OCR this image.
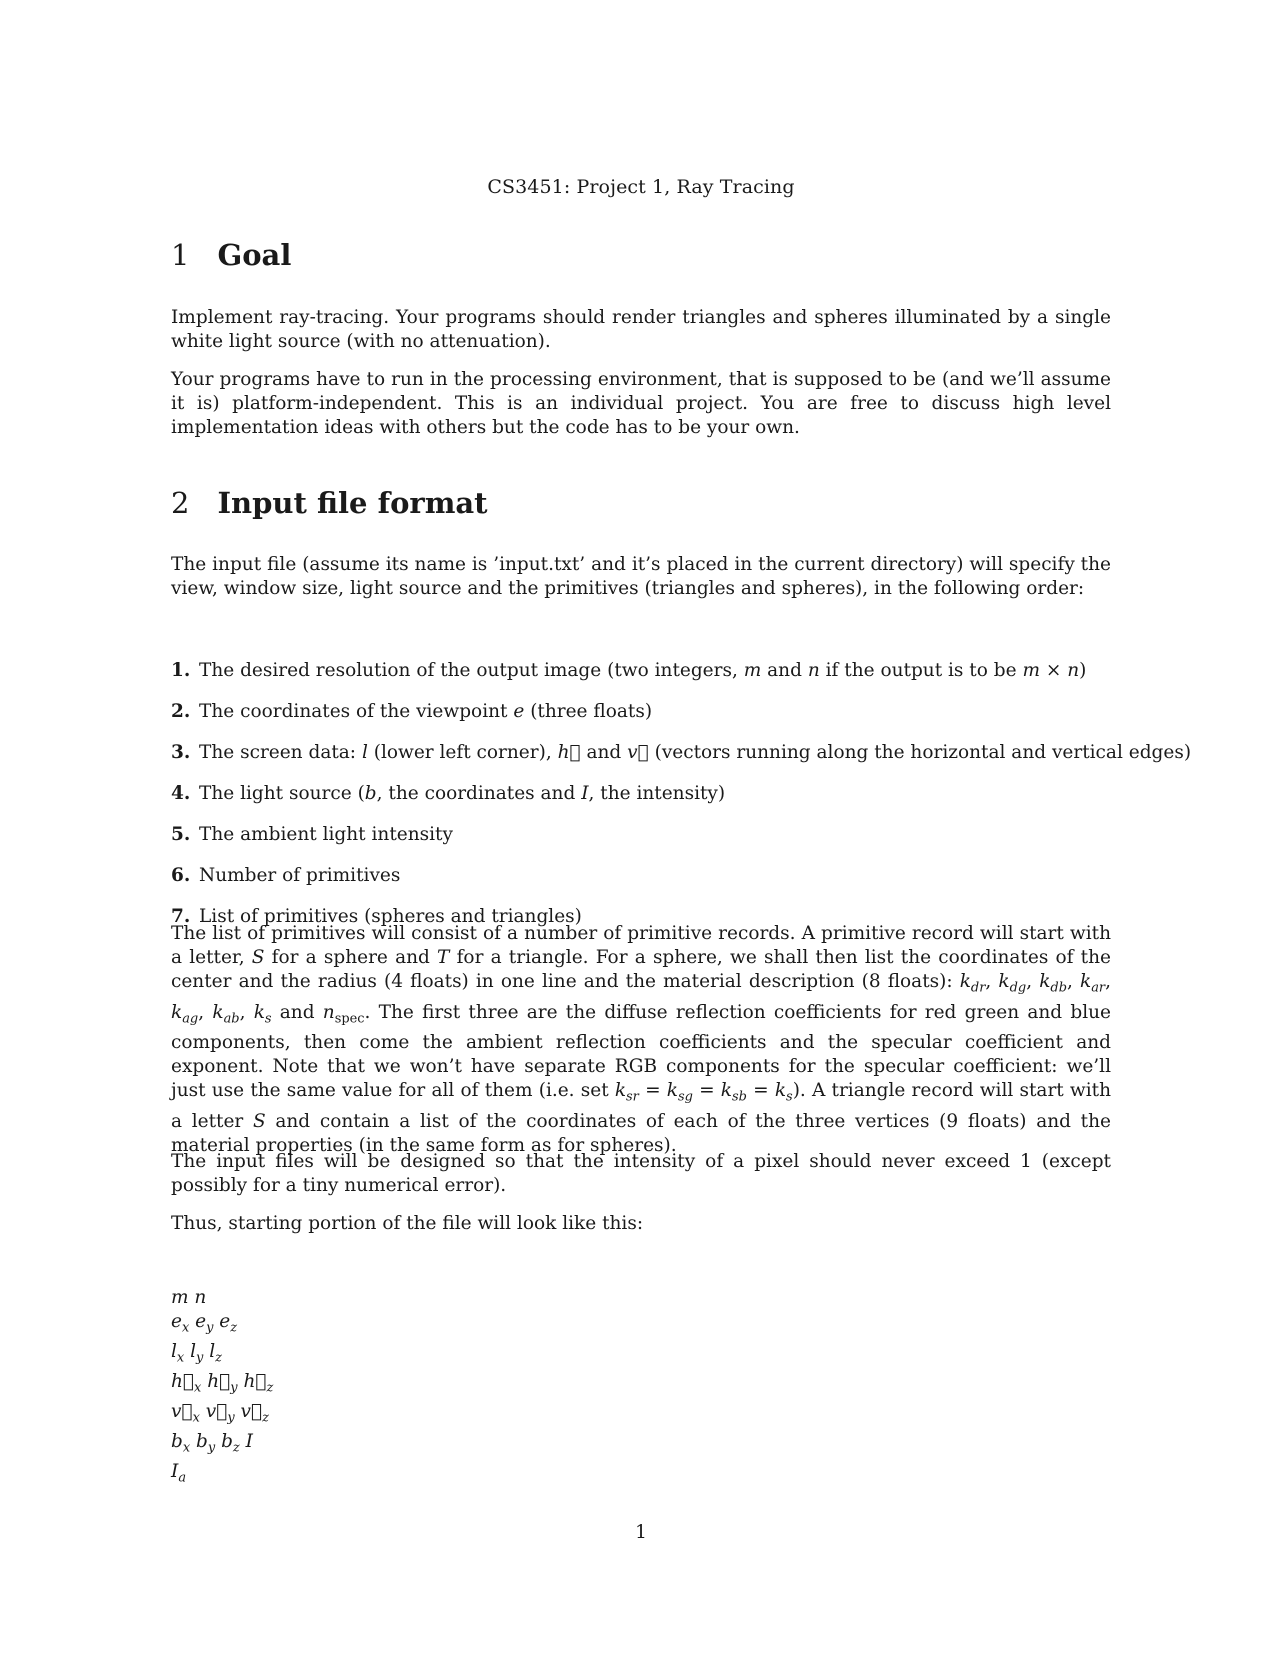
CS3451: Project 1, Ray Tracing
1 Goal

Implement ray-tracing. Your programs should render triangles and spheres illuminated by a single white light source (with no attenuation).

Your programs have to run in the processing environment, that is supposed to be (and we’ll assume it is) platform-independent. This is an individual project. You are free to discuss high level implementation ideas with others but the code has to be your own.

2 Input file format

The input file (assume its name is ’input.txt’ and it’s placed in the current directory) will specify the view, window size, light source and the primitives (triangles and spheres), in the following order:

1. The desired resolution of the output image (two integers, m and n if the output is to be m × n)
2. The coordinates of the viewpoint e (three floats)
3. The screen data: l (lower left corner), h⃗ and v⃗ (vectors running along the horizontal and vertical edges)
4. The light source (b, the coordinates and I, the intensity)
5. The ambient light intensity
6. Number of primitives
7. List of primitives (spheres and triangles)

The list of primitives will consist of a number of primitive records. A primitive record will start with a letter, S for a sphere and T for a triangle. For a sphere, we shall then list the coordinates of the center and the radius (4 floats) in one line and the material description (8 floats): $k_{dr}$, $k_{dg}$, $k_{db}$, $k_{ar}$, $k_{ag}$, $k_{ab}$, $k_s$ and $n_{spec}$. The first three are the diffuse reflection coefficients for red green and blue components, then come the ambient reflection coefficients and the specular coefficient and exponent. Note that we won’t have separate RGB components for the specular coefficient: we’ll just use the same value for all of them (i.e. set $k_{sr} = k_{sg} = k_{sb} = k_s$). A triangle record will start with a letter S and contain a list of the coordinates of each of the three vertices (9 floats) and the material properties (in the same form as for spheres).

The input files will be designed so that the intensity of a pixel should never exceed 1 (except possibly for a tiny numerical error).

Thus, starting portion of the file will look like this:

m n
$e_x$ $e_y$ $e_z$
$l_x$ $l_y$ $l_z$
$h⃗_x$ $h⃗_y$ $h⃗_z$
$v⃗_x$ $v⃗_y$ $v⃗_z$
$b_x$ $b_y$ $b_z$ I
$I_a$
1
